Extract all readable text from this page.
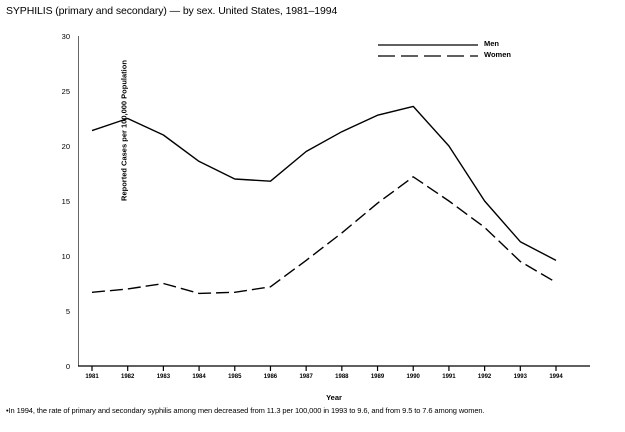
SYPHILIS (primary and secondary) — by sex. United States, 1981–1994
Reported Cases per 100,000 Population
0
5
10
15
20
25
30
1981	1982	1983	1984	1985	1986	1987	1988	1989	1990	1991	1992	1993	1994
Year
Men
Women
•In 1994, the rate of primary and secondary syphilis among men decreased from 11.3 per 100,000 in 1993 to 9.6, and from 9.5 to 7.6 among women.
